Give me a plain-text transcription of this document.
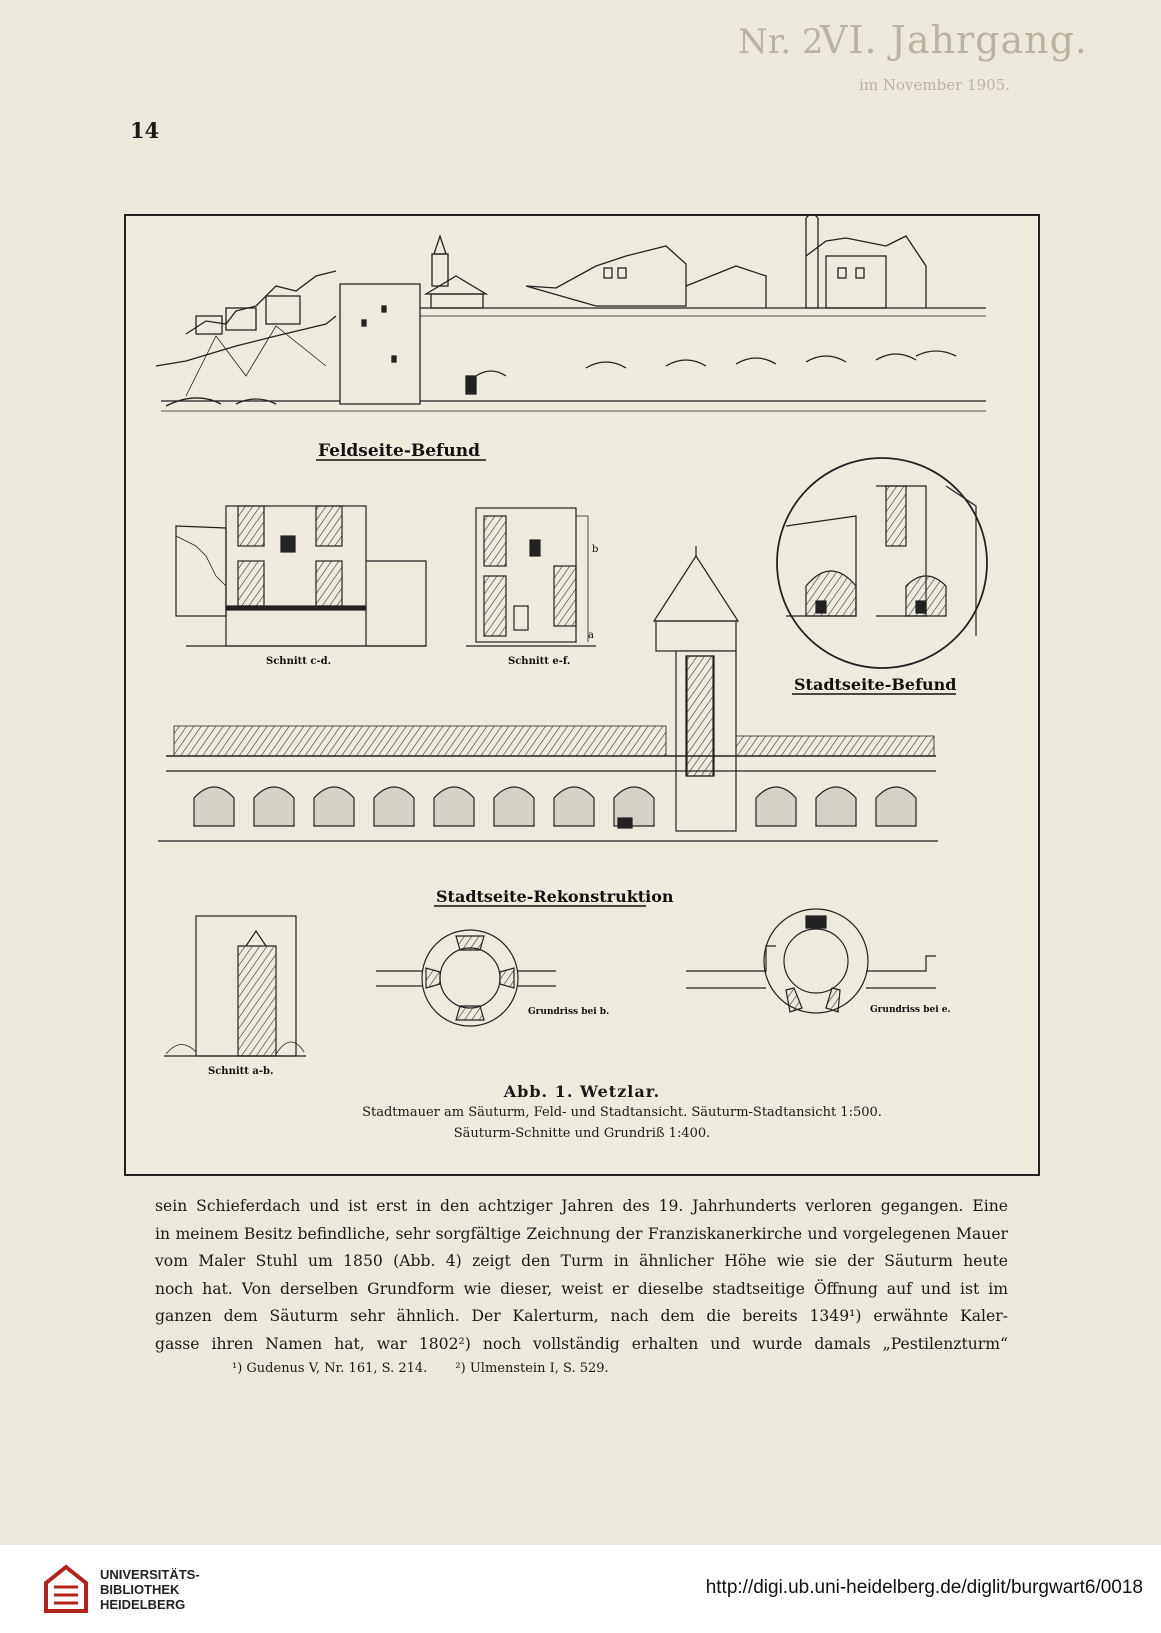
VI. Jahrgang.
Nr. 2
im November 1905.
14
Feldseite-Befund
Schnitt c-d.
b
a
Schnitt e-f.
Stadtseite-Befund
Stadtseite-Rekonstruktion
Schnitt a-b.
Grundriss bei b.	Grundriss bei e.
Abb. 1. Wetzlar.
Stadtmauer am Säuturm, Feld- und Stadtansicht. Säuturm-Stadtansicht 1:500.
Säuturm-Schnitte und Grundriß 1:400.
sein Schieferdach und ist erst in den achtziger Jahren des 19. Jahrhunderts verloren gegangen. Eine
in meinem Besitz befindliche, sehr sorgfältige Zeichnung der Franziskanerkirche und vorgelegenen Mauer
vom Maler Stuhl um 1850 (Abb. 4) zeigt den Turm in ähnlicher Höhe wie sie der Säuturm heute
noch hat. Von derselben Grundform wie dieser, weist er dieselbe stadtseitige Öffnung auf und ist im
ganzen dem Säuturm sehr ähnlich. Der Kalerturm, nach dem die bereits 1349¹) erwähnte Kaler-
gasse ihren Namen hat, war 1802²) noch vollständig erhalten und wurde damals „Pestilenzturm“
¹) Gudenus V, Nr. 161, S. 214. ²) Ulmenstein I, S. 529.
UNIVERSITÄTS-
BIBLIOTHEK
HEIDELBERG
http://digi.ub.uni-heidelberg.de/diglit/burgwart6/0018
